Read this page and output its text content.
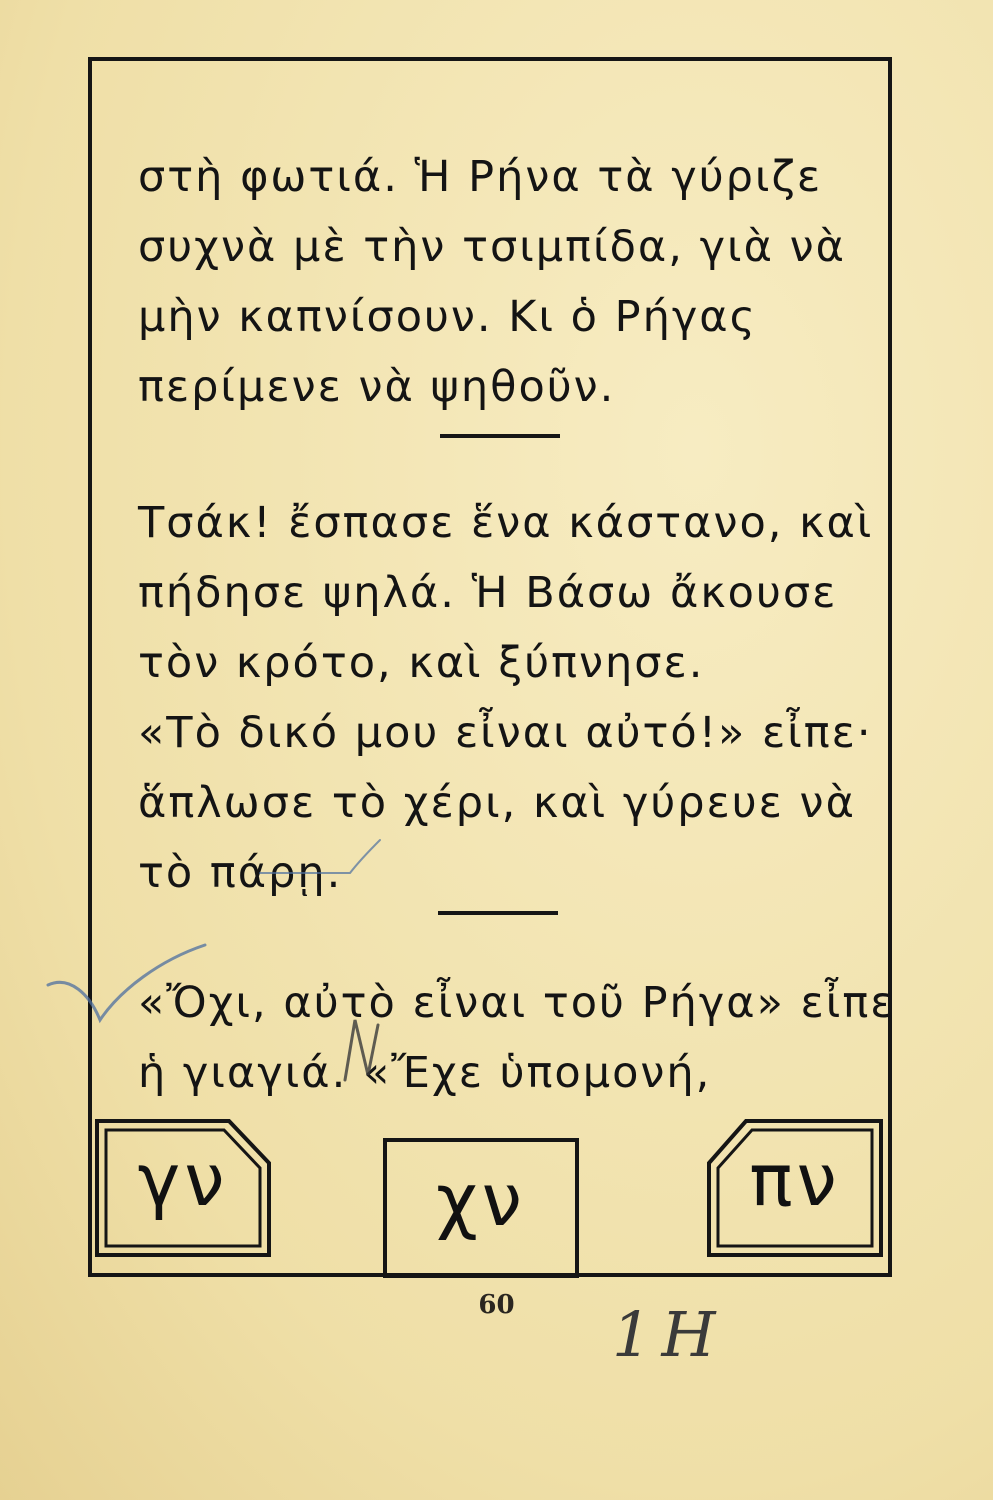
στὴ φωτιά. Ἡ Ρήνα τὰ γύριζε
συχνὰ μὲ τὴν τσιμπίδα, γιὰ νὰ
μὴν καπνίσουν. Κι ὁ Ρήγας
περίμενε νὰ ψηθοῦν.
Τσάκ! ἔσπασε ἕνα κάστανο, καὶ
πήδησε ψηλά. Ἡ Βάσω ἄκουσε
τὸν κρότο, καὶ ξύπνησε.
«Τὸ δικό μου εἶναι αὐτό!» εἶπε·
ἅπλωσε τὸ χέρι, καὶ γύρευε νὰ
τὸ πάρῃ.
«Ὄχι, αὐτὸ εἶναι τοῦ Ρήγα» εἶπε
ἡ γιαγιά. «Ἔχε ὑπομονή,
γν	χν	πν
60	1Η
